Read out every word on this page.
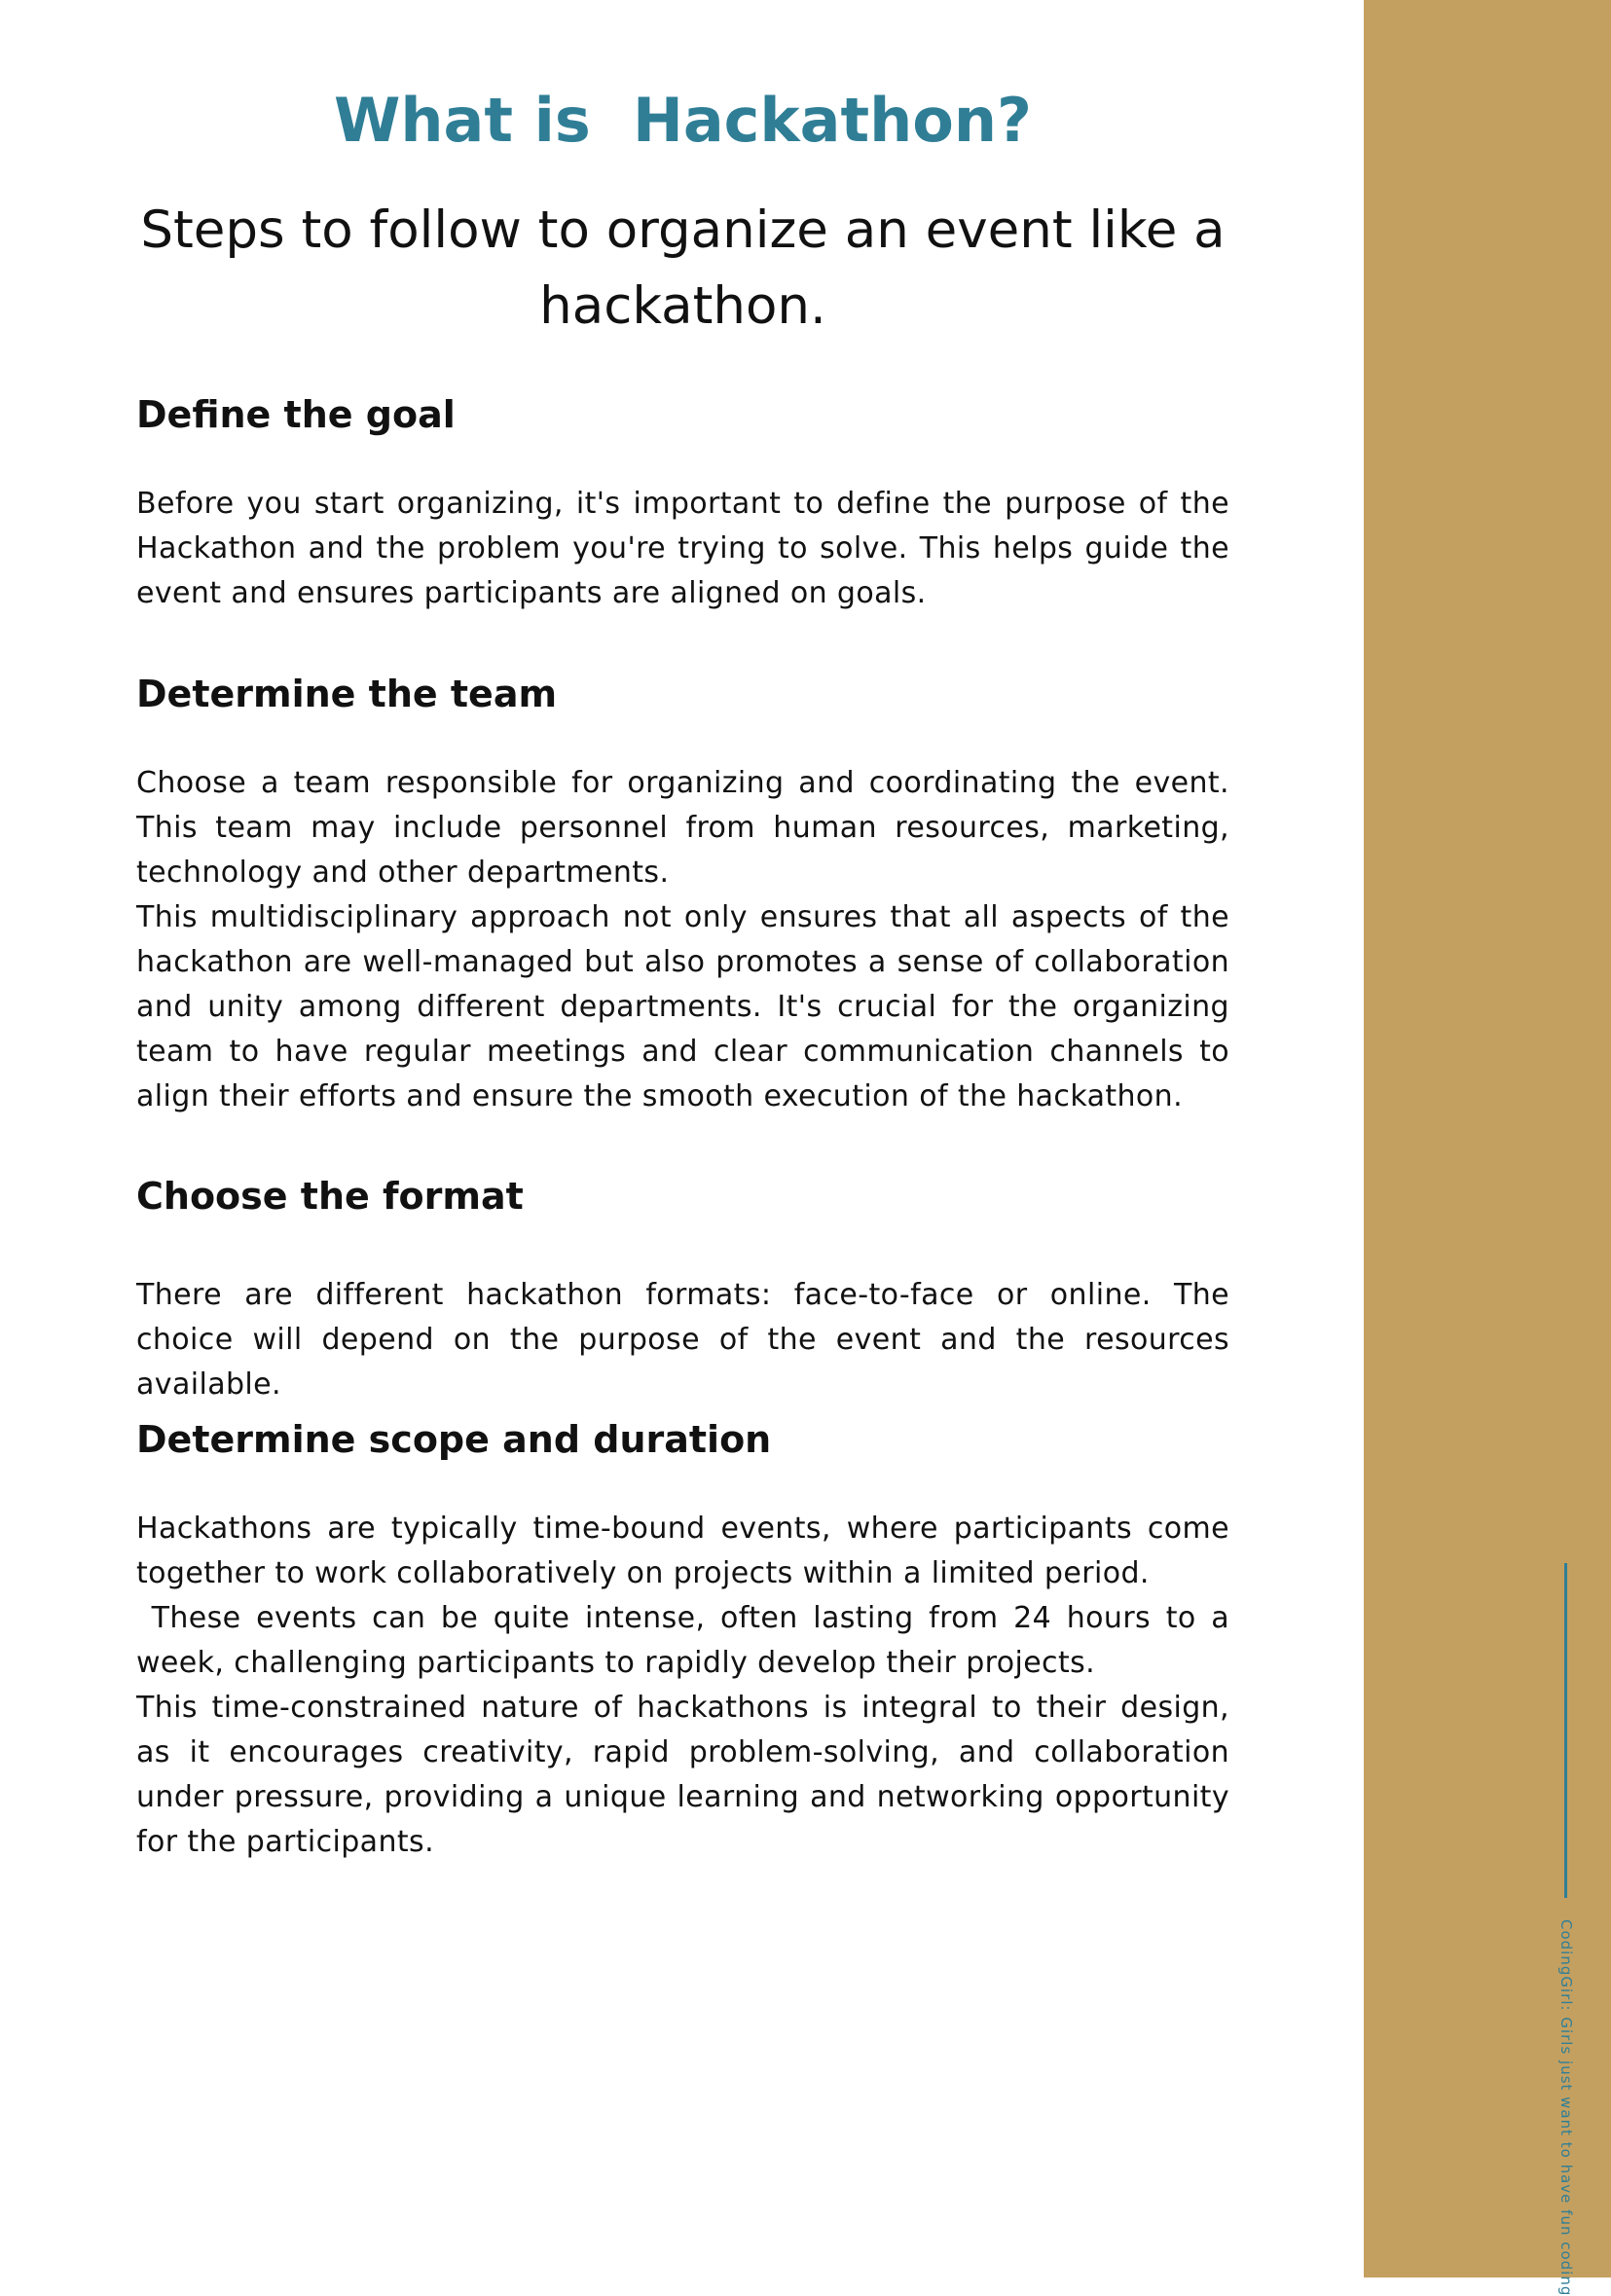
CodingGirl: Girls just want to have fun coding
What is  Hackathon?
Steps to follow to organize an event like a hackathon.
Define the goal

Before you start organizing, it's important to define the purpose of the Hackathon and the problem you're trying to solve. This helps guide the event and ensures participants are aligned on goals.

Determine the team

Choose a team responsible for organizing and coordinating the event. This team may include personnel from human resources, marketing, technology and other departments.

This multidisciplinary approach not only ensures that all aspects of the hackathon are well-managed but also promotes a sense of collaboration and unity among different departments. It's crucial for the organizing team to have regular meetings and clear communication channels to align their efforts and ensure the smooth execution of the hackathon.

Choose the format

There are different hackathon formats: face-to-face or online. The choice will depend on the purpose of the event and the resources available.

Determine scope and duration

Hackathons are typically time-bound events, where participants come together to work collaboratively on projects within a limited period.

These events can be quite intense, often lasting from 24 hours to a week, challenging participants to rapidly develop their projects.

This time-constrained nature of hackathons is integral to their design, as it encourages creativity, rapid problem-solving, and collaboration under pressure, providing a unique learning and networking opportunity for the participants.
